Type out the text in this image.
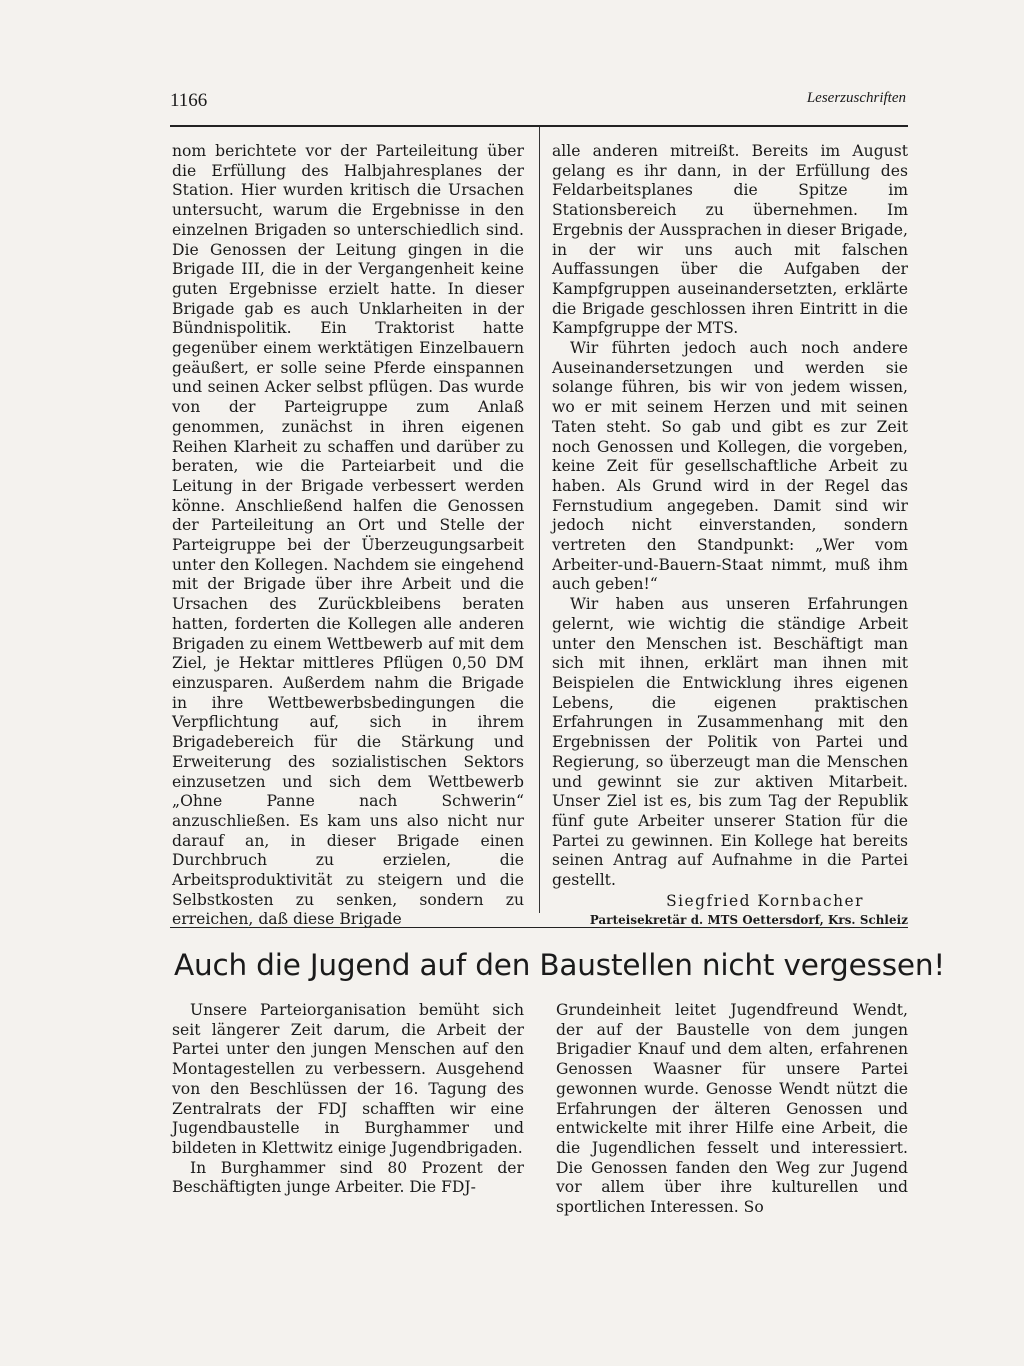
1166	Leserzuschriften

nom berichtete vor der Parteileitung über die Erfüllung des Halbjahresplanes der Station. Hier wurden kritisch die Ursachen untersucht, warum die Ergebnisse in den einzelnen Brigaden so unterschiedlich sind. Die Genossen der Leitung gingen in die Brigade III, die in der Vergangenheit keine guten Ergebnisse erzielt hatte. In dieser Brigade gab es auch Unklarheiten in der Bündnispolitik. Ein Traktorist hatte gegenüber einem werktätigen Einzelbauern geäußert, er solle seine Pferde einspannen und seinen Acker selbst pflügen. Das wurde von der Parteigruppe zum Anlaß genommen, zunächst in ihren eigenen Reihen Klarheit zu schaffen und darüber zu beraten, wie die Parteiarbeit und die Leitung in der Brigade verbessert werden könne. Anschließend halfen die Genossen der Parteileitung an Ort und Stelle der Parteigruppe bei der Überzeugungsarbeit unter den Kollegen. Nachdem sie eingehend mit der Brigade über ihre Arbeit und die Ursachen des Zurückbleibens beraten hatten, forderten die Kollegen alle anderen Brigaden zu einem Wettbewerb auf mit dem Ziel, je Hektar mittleres Pflügen 0,50 DM einzusparen. Außerdem nahm die Brigade in ihre Wettbewerbsbedingungen die Verpflichtung auf, sich in ihrem Brigadebereich für die Stärkung und Erweiterung des sozialistischen Sektors einzusetzen und sich dem Wettbewerb „Ohne Panne nach Schwerin“ anzuschließen. Es kam uns also nicht nur darauf an, in dieser Brigade einen Durchbruch zu erzielen, die Arbeitsproduktivität zu steigern und die Selbstkosten zu senken, sondern zu erreichen, daß diese Brigade

alle anderen mitreißt. Bereits im August gelang es ihr dann, in der Erfüllung des Feldarbeitsplanes die Spitze im Stationsbereich zu übernehmen. Im Ergebnis der Aussprachen in dieser Brigade, in der wir uns auch mit falschen Auffassungen über die Aufgaben der Kampfgruppen auseinandersetzten, erklärte die Brigade geschlossen ihren Eintritt in die Kampfgruppe der MTS.

Wir führten jedoch auch noch andere Auseinandersetzungen und werden sie solange führen, bis wir von jedem wissen, wo er mit seinem Herzen und mit seinen Taten steht. So gab und gibt es zur Zeit noch Genossen und Kollegen, die vorgeben, keine Zeit für gesellschaftliche Arbeit zu haben. Als Grund wird in der Regel das Fernstudium angegeben. Damit sind wir jedoch nicht einverstanden, sondern vertreten den Standpunkt: „Wer vom Arbeiter-und-Bauern-Staat nimmt, muß ihm auch geben!“

Wir haben aus unseren Erfahrungen gelernt, wie wichtig die ständige Arbeit unter den Menschen ist. Beschäftigt man sich mit ihnen, erklärt man ihnen mit Beispielen die Entwicklung ihres eigenen Lebens, die eigenen praktischen Erfahrungen in Zusammenhang mit den Ergebnissen der Politik von Partei und Regierung, so überzeugt man die Menschen und gewinnt sie zur aktiven Mitarbeit. Unser Ziel ist es, bis zum Tag der Republik fünf gute Arbeiter unserer Station für die Partei zu gewinnen. Ein Kollege hat bereits seinen Antrag auf Aufnahme in die Partei gestellt.

Siegfried Kornbacher
Parteisekretär d. MTS Oettersdorf, Krs. Schleiz
Auch die Jugend auf den Baustellen nicht vergessen!

Unsere Parteiorganisation bemüht sich seit längerer Zeit darum, die Arbeit der Partei unter den jungen Menschen auf den Montagestellen zu verbessern. Ausgehend von den Beschlüssen der 16. Tagung des Zentralrats der FDJ schafften wir eine Jugendbaustelle in Burghammer und bildeten in Klettwitz einige Jugendbrigaden.

In Burghammer sind 80 Prozent der Beschäftigten junge Arbeiter. Die FDJ-

Grundeinheit leitet Jugendfreund Wendt, der auf der Baustelle von dem jungen Brigadier Knauf und dem alten, erfahrenen Genossen Waasner für unsere Partei gewonnen wurde. Genosse Wendt nützt die Erfahrungen der älteren Genossen und entwickelte mit ihrer Hilfe eine Arbeit, die die Jugendlichen fesselt und interessiert. Die Genossen fanden den Weg zur Jugend vor allem über ihre kulturellen und sportlichen Interessen. So
